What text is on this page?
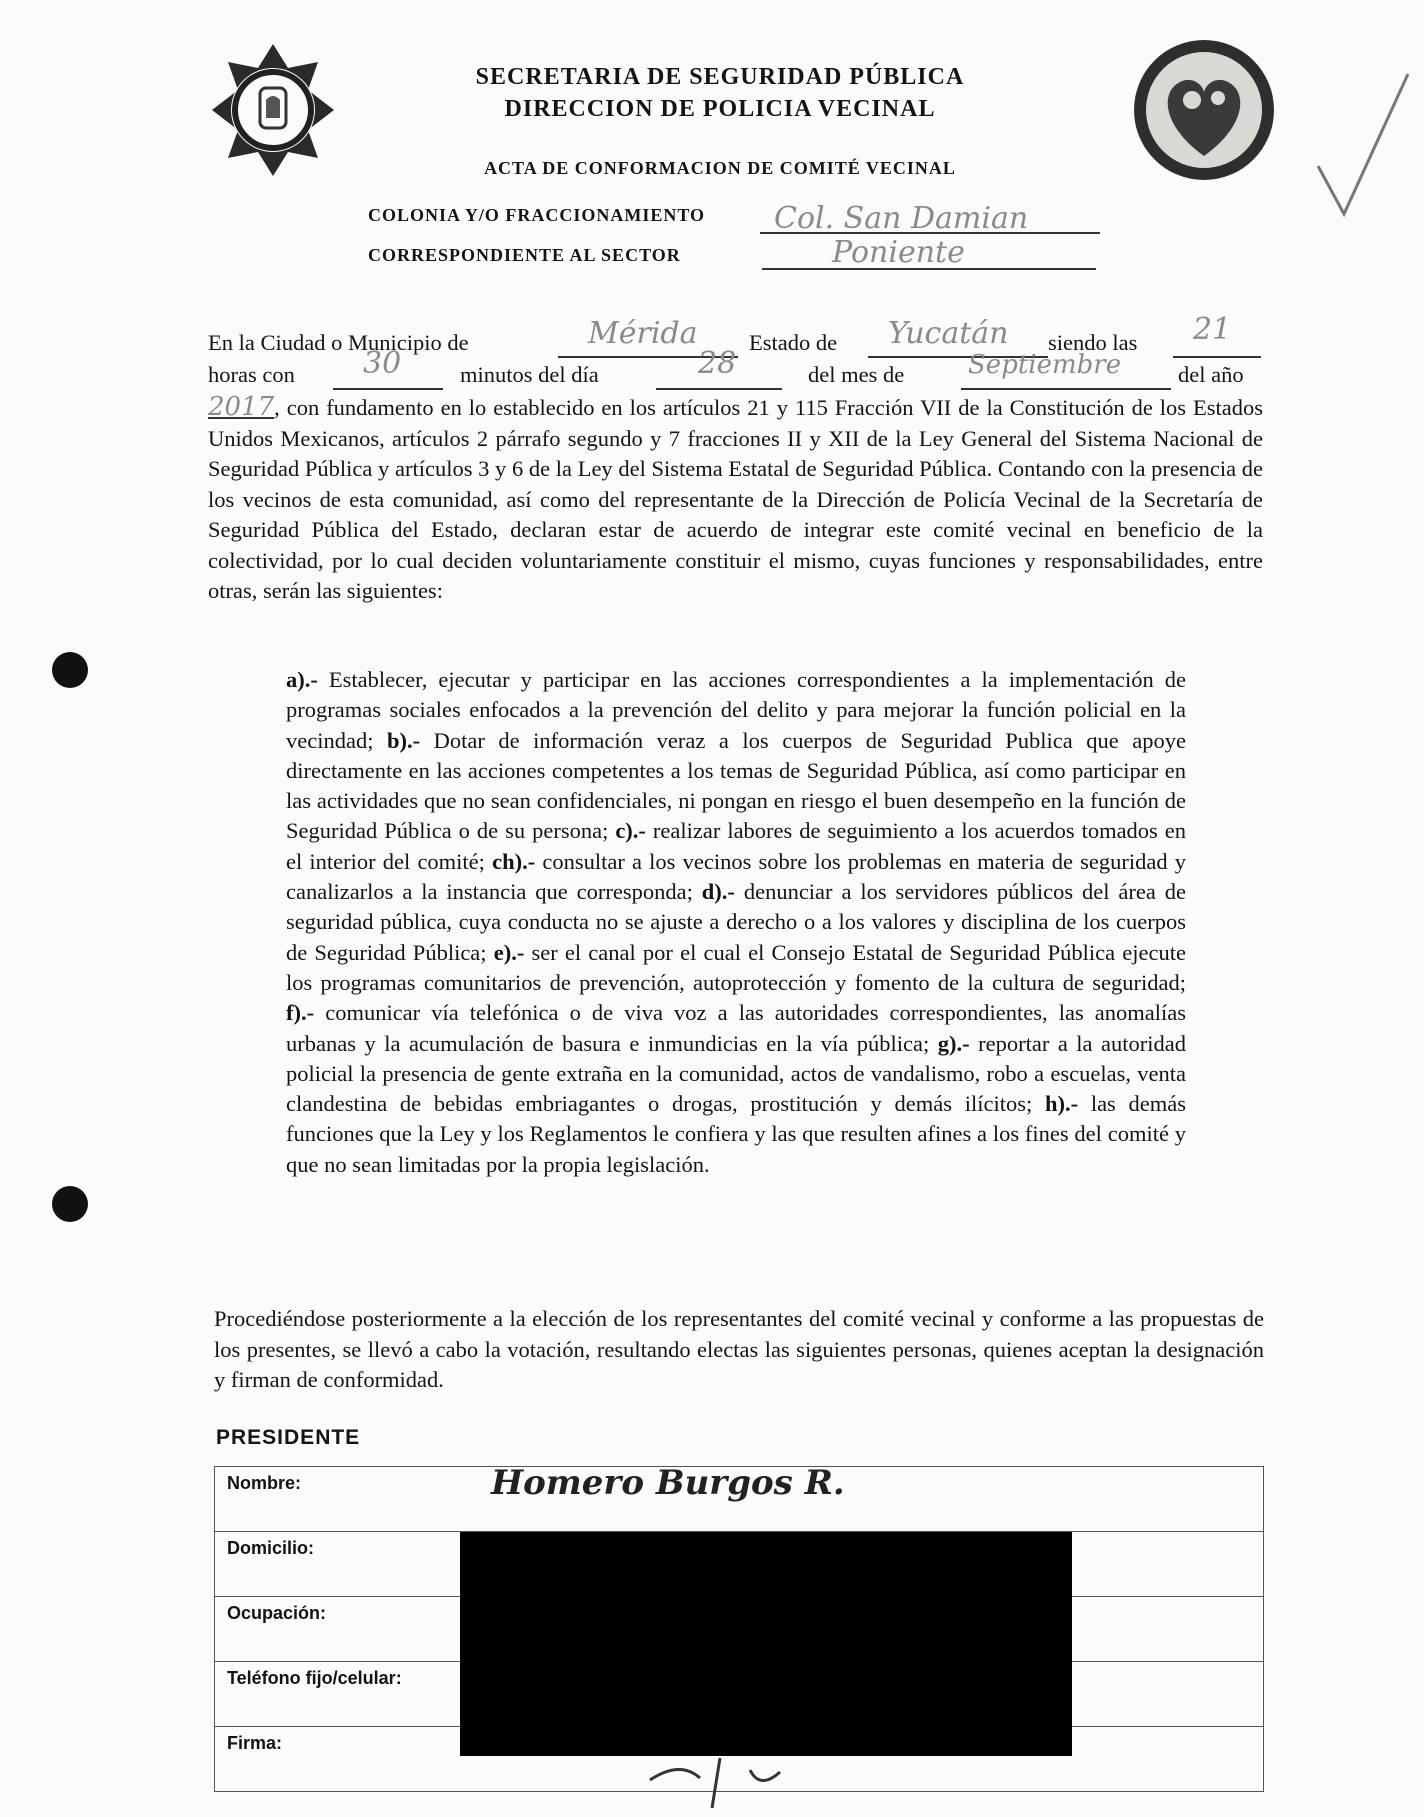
SECRETARIA DE SEGURIDAD PÚBLICA
DIRECCION DE POLICIA VECINAL
ACTA DE CONFORMACION DE COMITÉ VECINAL
COLONIA Y/O FRACCIONAMIENTO Col. San Damian
CORRESPONDIENTE AL SECTOR	Poniente
En la Ciudad o Municipio de	Mérida Estado de Yucatán siendo las 21
horas con 30	minutos del día	28	del mes de Septiembre	del año
2017, con fundamento en lo establecido en los artículos 21 y 115 Fracción VII de la Constitución de los Estados Unidos Mexicanos, artículos 2 párrafo segundo y 7 fracciones II y XII de la Ley General del Sistema Nacional de Seguridad Pública y artículos 3 y 6 de la Ley del Sistema Estatal de Seguridad Pública. Contando con la presencia de los vecinos de esta comunidad, así como del representante de la Dirección de Policía Vecinal de la Secretaría de Seguridad Pública del Estado, declaran estar de acuerdo de integrar este comité vecinal en beneficio de la colectividad, por lo cual deciden voluntariamente constituir el mismo, cuyas funciones y responsabilidades, entre otras, serán las siguientes:
a).- Establecer, ejecutar y participar en las acciones correspondientes a la implementación de programas sociales enfocados a la prevención del delito y para mejorar la función policial en la vecindad; b).- Dotar de información veraz a los cuerpos de Seguridad Publica que apoye directamente en las acciones competentes a los temas de Seguridad Pública, así como participar en las actividades que no sean confidenciales, ni pongan en riesgo el buen desempeño en la función de Seguridad Pública o de su persona; c).- realizar labores de seguimiento a los acuerdos tomados en el interior del comité; ch).- consultar a los vecinos sobre los problemas en materia de seguridad y canalizarlos a la instancia que corresponda; d).- denunciar a los servidores públicos del área de seguridad pública, cuya conducta no se ajuste a derecho o a los valores y disciplina de los cuerpos de Seguridad Pública; e).- ser el canal por el cual el Consejo Estatal de Seguridad Pública ejecute los programas comunitarios de prevención, autoprotección y fomento de la cultura de seguridad; f).- comunicar vía telefónica o de viva voz a las autoridades correspondientes, las anomalías urbanas y la acumulación de basura e inmundicias en la vía pública; g).- reportar a la autoridad policial la presencia de gente extraña en la comunidad, actos de vandalismo, robo a escuelas, venta clandestina de bebidas embriagantes o drogas, prostitución y demás ilícitos; h).- las demás funciones que la Ley y los Reglamentos le confiera y las que resulten afines a los fines del comité y que no sean limitadas por la propia legislación.
Procediéndose posteriormente a la elección de los representantes del comité vecinal y conforme a las propuestas de los presentes, se llevó a cabo la votación, resultando electas las siguientes personas, quienes aceptan la designación y firman de conformidad.
PRESIDENTE
Nombre:	Homero Burgos R.
Domicilio:	
Ocupación:	
Teléfono fijo/celular:	
Firma:	
